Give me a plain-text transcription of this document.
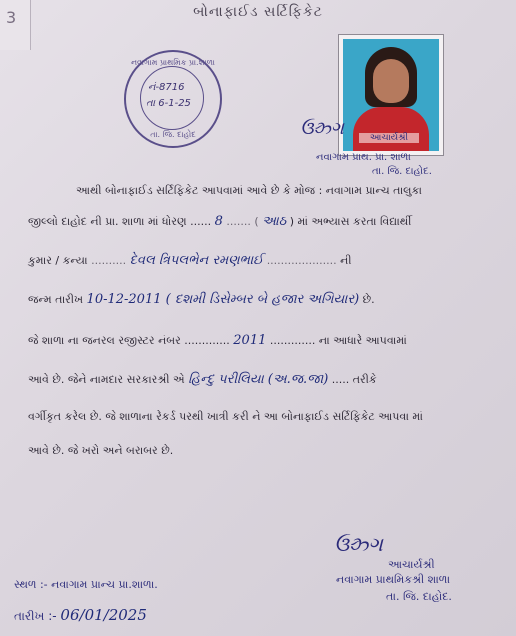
3	બોનાફાઈડ સર્ટિફિકેટ
નવાગામ પ્રાથમિક પ્રા.શાળા
નં-8716
તા 6-1-25
તા. જિ. દાહોદ	આચાર્યશ્રી
ઉઝ્ર્ગ
નવાગામ પ્રાથ. પ્રા. શાળા
તા. જિ. દાહોદ.
આથી બોનાફાઈડ સર્ટિફિકેટ આપવામાં આવે છે કે મોજ : નવાગામ પ્રાન્ચ તાલુકા
જીલ્લો દાહોદ ની પ્રા. શાળા માં ધોરણ ...... 8 ....... ( આઠ ) માં અભ્યાસ કરતા વિદ્યાર્થી
કુમાર / કન્યા .......... દેવલ ત્રિપલભેન રમણભાઈ .................... ની
જન્મ તારીખ 10-12-2011 ( દશમી ડિસેમ્બર બે હજાર અગિયાર) છે.
જે શાળા ના જનરલ રજીસ્ટર નંબર ............. 2011 ............. ના આધારે આપવામાં
આવે છે. જેને નામદાર સરકારશ્રી એ હિન્દુ પરીલિયા (અ.જ.જા) ..... તરીકે
વર્ગીકૃત કરેલ છે. જે શાળાના રેકર્ડ પરથી ખાત્રી કરી ને આ બોનાફાઈડ સર્ટિફિકેટ આપવા માં
આવે છે. જે ખરો અને બરાબર છે.
ઉઝ્ર્ગ
આચાર્યશ્રી
નવાગામ પ્રાથમિકશ્રી શાળા
તા. જિ. દાહોદ.
સ્થળ :- નવાગામ પ્રાન્ચ પ્રા.શાળા.
તારીખ :- 06/01/2025
